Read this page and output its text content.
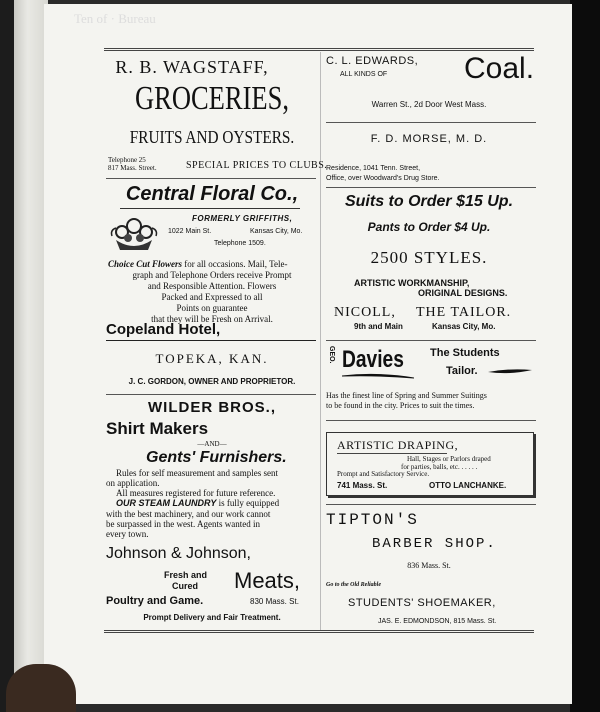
Ten of · Bureau
R. B. WAGSTAFF,
GROCERIES,
FRUITS AND OYSTERS.
Telephone 25
817 Mass. Street.	SPECIAL PRICES TO CLUBS.
Central Floral Co.,
FORMERLY GRIFFITHS,
1022 Main St.	Kansas City, Mo.
Telephone 1509.
Choice Cut Flowers for all occasions. Mail, Tele-
graph and Telephone Orders receive Prompt
and Responsible Attention. Flowers
Packed and Expressed to all
Points on guarantee
that they will be Fresh on Arrival.
Copeland Hotel,
TOPEKA, KAN.
J. C. GORDON, OWNER AND PROPRIETOR.
WILDER BROS.,
Shirt Makers
—AND—
Gents' Furnishers.
Rules for self measurement and samples sent
on application.
All measures registered for future reference.
OUR STEAM LAUNDRY is fully equipped
with the best machinery, and our work cannot
be surpassed in the west. Agents wanted in
every town.
Johnson & Johnson,
Fresh and
Cured Meats,
Poultry and Game.	830 Mass. St.
Prompt Delivery and Fair Treatment.
C. L. EDWARDS,
ALL KINDS OF	Coal.
Warren St., 2d Door West Mass.
F. D. MORSE, M. D.
Residence, 1041 Tenn. Street,
Office, over Woodward's Drug Store.
Suits to Order $15 Up.
Pants to Order $4 Up.
2500 STYLES.
ARTISTIC WORKMANSHIP,
ORIGINAL DESIGNS.
NICOLL, THE TAILOR.
9th and Main	Kansas City, Mo.
GEO. Davies The Students
Tailor.
Has the finest line of Spring and Summer Suitings
to be found in the city. Prices to suit the times.
ARTISTIC DRAPING,
Hall, Stages or Parlors draped
for parties, balls, etc. . . . . .
Prompt and Satisfactory Service.
741 Mass. St.	OTTO LANCHANKE.
TIPTON'S
BARBER SHOP.
836 Mass. St.
Go to the Old Reliable
STUDENTS' SHOEMAKER,
JAS. E. EDMONDSON, 815 Mass. St.
